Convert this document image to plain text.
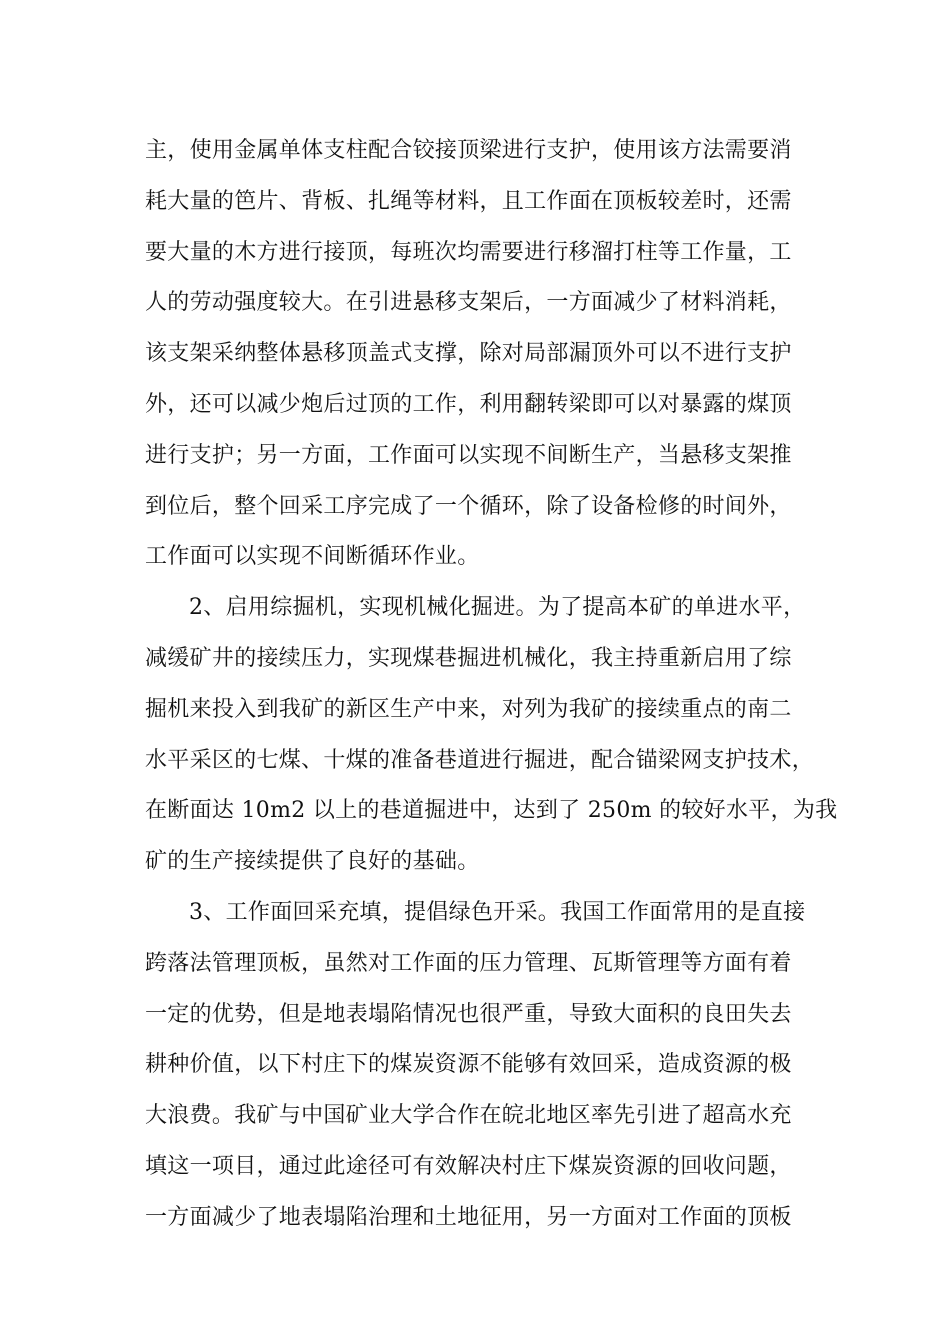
主，使用金属单体支柱配合铰接顶梁进行支护，使用该方法需要消
耗大量的笆片、背板、扎绳等材料，且工作面在顶板较差时，还需
要大量的木方进行接顶，每班次均需要进行移溜打柱等工作量，工
人的劳动强度较大。在引进悬移支架后，一方面减少了材料消耗，
该支架采纳整体悬移顶盖式支撑，除对局部漏顶外可以不进行支护
外，还可以减少炮后过顶的工作，利用翻转梁即可以对暴露的煤顶
进行支护；另一方面，工作面可以实现不间断生产，当悬移支架推
到位后，整个回采工序完成了一个循环，除了设备检修的时间外，
工作面可以实现不间断循环作业。
2、启用综掘机，实现机械化掘进。为了提高本矿的单进水平，
减缓矿井的接续压力，实现煤巷掘进机械化，我主持重新启用了综
掘机来投入到我矿的新区生产中来，对列为我矿的接续重点的南二
水平采区的七煤、十煤的准备巷道进行掘进，配合锚梁网支护技术，
在断面达 10m2 以上的巷道掘进中，达到了 250m 的较好水平，为我
矿的生产接续提供了良好的基础。
3、工作面回采充填，提倡绿色开采。我国工作面常用的是直接
跨落法管理顶板，虽然对工作面的压力管理、瓦斯管理等方面有着
一定的优势，但是地表塌陷情况也很严重，导致大面积的良田失去
耕种价值，以下村庄下的煤炭资源不能够有效回采，造成资源的极
大浪费。我矿与中国矿业大学合作在皖北地区率先引进了超高水充
填这一项目，通过此途径可有效解决村庄下煤炭资源的回收问题，
一方面减少了地表塌陷治理和土地征用，另一方面对工作面的顶板
